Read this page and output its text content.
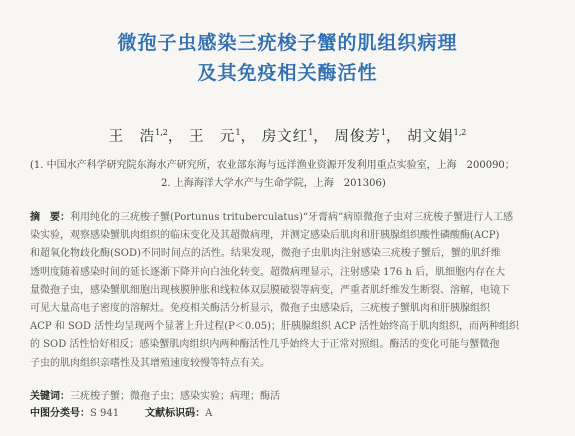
微孢子虫感染三疣梭子蟹的肌组织病理
及其免疫相关酶活性
王　浩$^{1,2}$， 王　元$^1$， 房文红$^1$， 周俊芳$^1$， 胡文娟$^{1,2}$
(1. 中国水产科学研究院东海水产研究所，农业部东海与远洋渔业资源开发利用重点实验室，上海　200090；
2. 上海海洋大学水产与生命学院，上海　201306)
摘　要：利用纯化的三疣梭子蟹(Portunus trituberculatus)“牙膏病”病原微孢子虫对三疣梭子蟹进行人工感
染实验，观察感染蟹肌肉组织的临床变化及其超微病理，并测定感染后肌肉和肝胰腺组织酸性磷酸酶(ACP)
和超氧化物歧化酶(SOD)不同时间点的活性。结果发现，微孢子虫肌肉注射感染三疣梭子蟹后，蟹的肌纤维
透明度随着感染时间的延长逐渐下降并向白浊化转变。超微病理显示，注射感染 176 h 后，肌细胞内存在大
量微孢子虫，感染蟹肌细胞出现核膜肿胀和线粒体双层膜破裂等病变，严重者肌纤维发生断裂、溶解，电镜下
可见大量高电子密度的溶解灶。免疫相关酶活分析显示，微孢子虫感染后，三疣梭子蟹肌肉和肝胰腺组织
ACP 和 SOD 活性均呈现两个显著上升过程(P＜0.05)；肝胰腺组织 ACP 活性始终高于肌肉组织，而两种组织
的 SOD 活性恰好相反；感染蟹肌肉组织内两种酶活性几乎始终大于正常对照组。酶活的变化可能与蟹微孢
子虫的肌肉组织亲嗜性及其增殖速度较慢等特点有关。
关键词：三疣梭子蟹；微孢子虫；感染实验；病理；酶活
中图分类号：S 941	文献标识码：A
